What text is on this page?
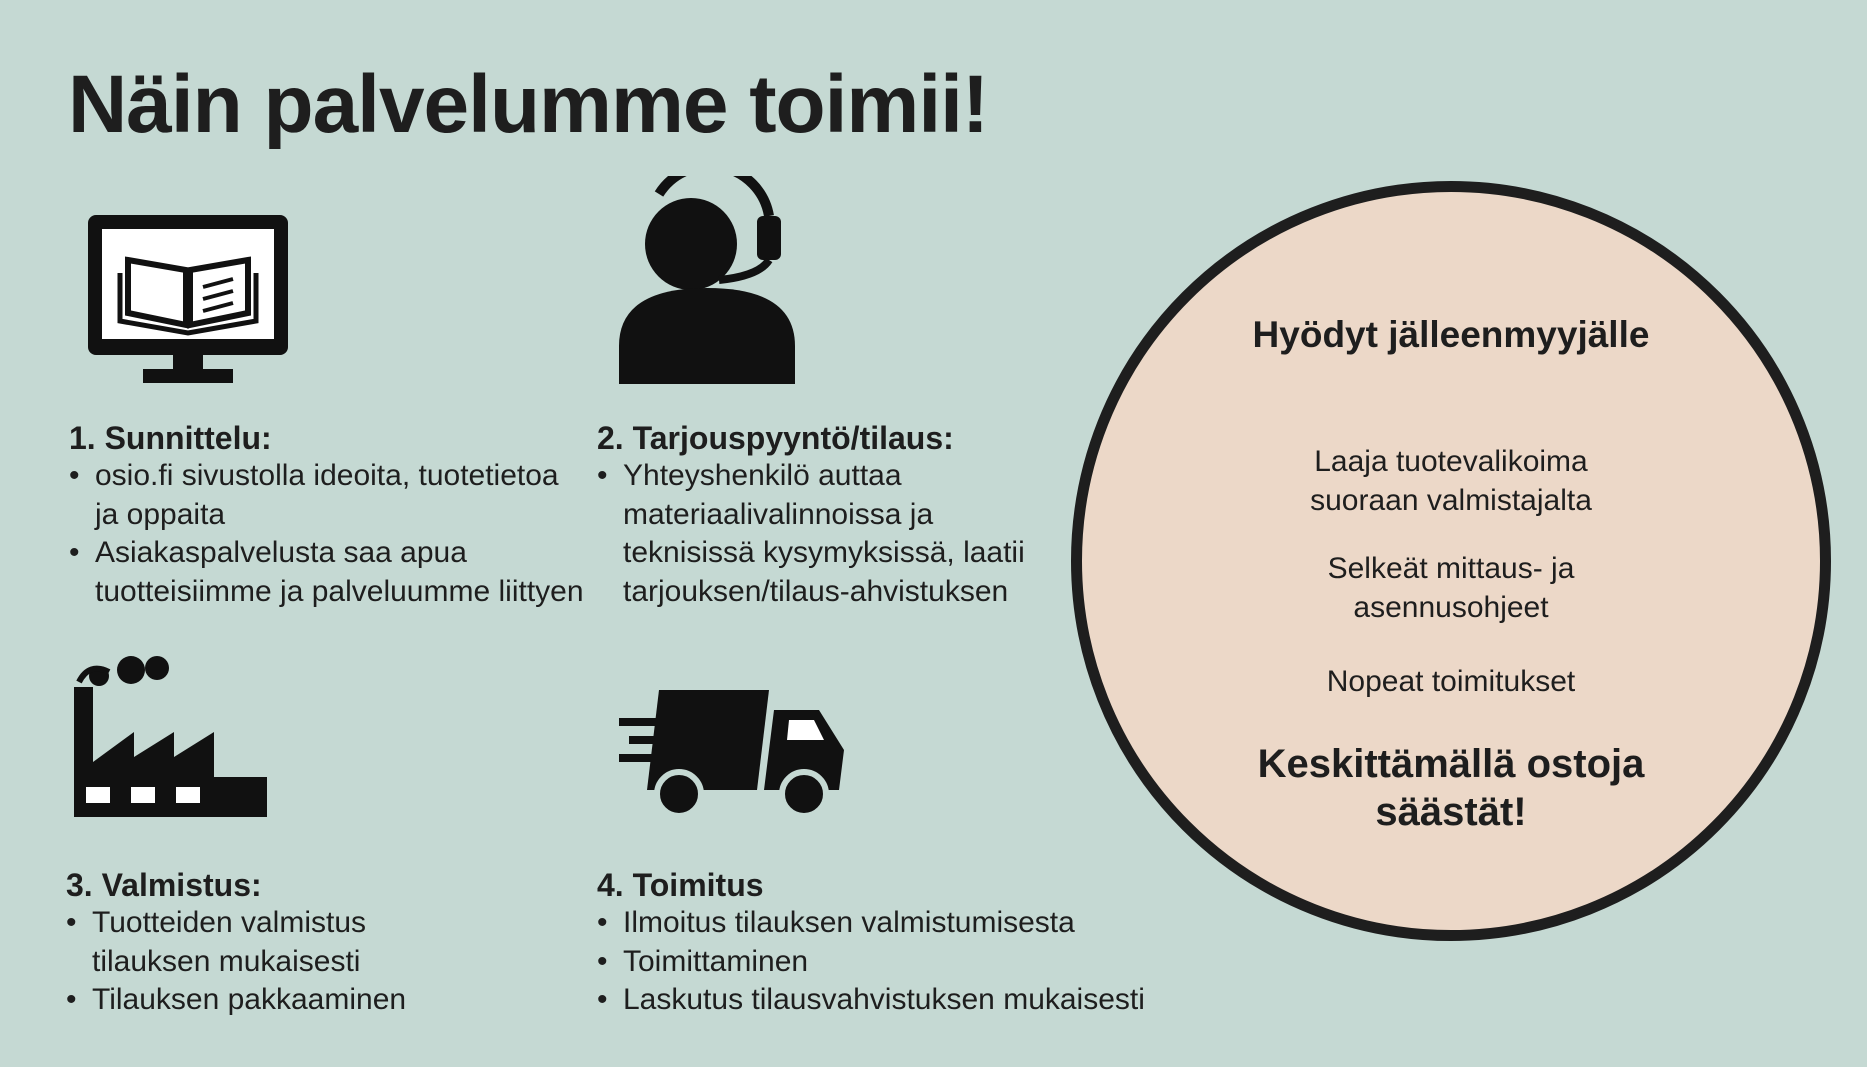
Näin palvelumme toimii!
1. Sunnittelu:
• osio.fi sivustolla ideoita, tuotetietoa ja oppaita
• Asiakaspalvelusta saa apua tuotteisiimme ja palveluumme liittyen
2. Tarjouspyyntö/tilaus:
• Yhteyshenkilö auttaa materiaalivalinnoissa ja teknisissä kysymyksissä, laatii tarjouksen/tilaus-ahvistuksen
3. Valmistus:
• Tuotteiden valmistus tilauksen mukaisesti
• Tilauksen pakkaaminen
4. Toimitus
• Ilmoitus tilauksen valmistumisesta
• Toimittaminen
• Laskutus tilausvahvistuksen mukaisesti
Hyödyt jälleenmyyjälle
Laaja tuotevalikoima suoraan valmistajalta
Selkeät mittaus- ja asennusohjeet
Nopeat toimitukset
Keskittämällä ostoja säästät!
